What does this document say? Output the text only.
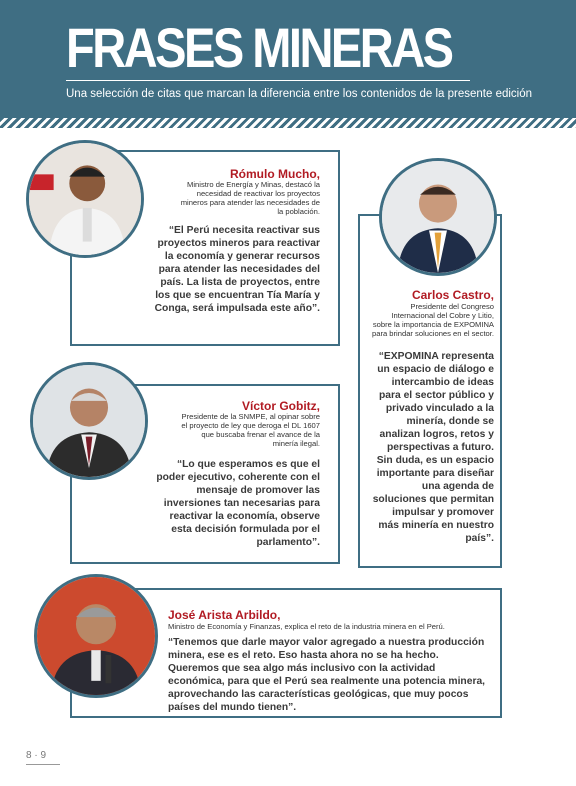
FRASES MINERAS
Una selección de citas que marcan la diferencia entre los contenidos de la presente edición
Rómulo Mucho,
Ministro de Energía y Minas, destacó la necesidad de reactivar los proyectos mineros para atender las necesidades de la población.
“El Perú necesita reactivar sus proyectos mineros para reactivar la economía y generar recursos para atender las necesidades del país. La lista de proyectos, entre los que se encuentran Tía María y Conga, será impulsada este año”.
Carlos Castro,
Presidente del Congreso Internacional del Cobre y Litio, sobre la importancia de EXPOMINA para brindar soluciones en el sector.
“EXPOMINA representa un espacio de diálogo e intercambio de ideas para el sector público y privado vinculado a la minería, donde se analizan logros, retos y perspectivas a futuro. Sin duda, es un espacio importante para diseñar una agenda de soluciones que permitan impulsar y promover más minería en nuestro país”.
Víctor Gobitz,
Presidente de la SNMPE, al opinar sobre el proyecto de ley que deroga el DL 1607 que buscaba frenar el avance de la minería ilegal.
“Lo que esperamos es que el poder ejecutivo, coherente con el mensaje de promover las inversiones tan necesarias para reactivar la economía, observe esta decisión formulada por el parlamento”.
José Arista Arbildo,
Ministro de Economía y Finanzas, explica el reto de la industria minera en el Perú.
“Tenemos que darle mayor valor agregado a nuestra producción minera, ese es el reto. Eso hasta ahora no se ha hecho. Queremos que sea algo más inclusivo con la actividad económica, para que el Perú sea realmente una potencia minera, aprovechando las características geológicas, que muy pocos países del mundo tienen”.
8 · 9
